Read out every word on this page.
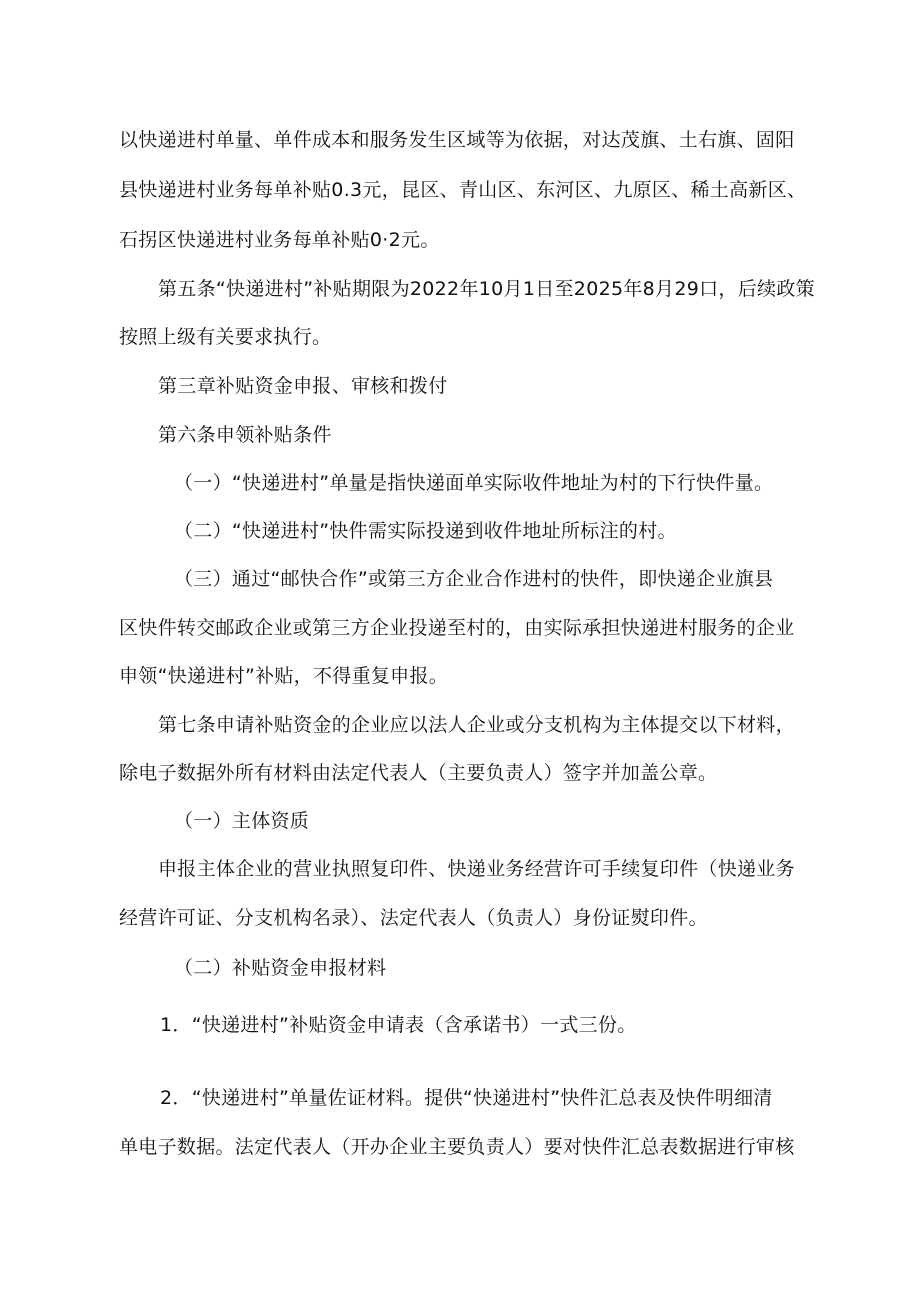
以快递进村单量、单件成本和服务发生区域等为依据，对达茂旗、土右旗、固阳
县快递进村业务每单补贴0.3元，昆区、青山区、东河区、九原区、稀土高新区、
石拐区快递进村业务每单补贴0·2元。
第五条“快递进村”补贴期限为2022年10月1日至2025年8月29口，后续政策
按照上级有关要求执行。
第三章补贴资金申报、审核和拨付
第六条申领补贴条件
（一）“快递进村”单量是指快递面单实际收件地址为村的下行快件量。
（二）“快递进村”快件需实际投递到收件地址所标注的村。
（三）通过“邮快合作”或第三方企业合作进村的快件，即快递企业旗县
区快件转交邮政企业或第三方企业投递至村的，由实际承担快递进村服务的企业
申领“快递进村”补贴，不得重复申报。
第七条申请补贴资金的企业应以法人企业或分支机构为主体提交以下材料，
除电子数据外所有材料由法定代表人（主要负责人）签字并加盖公章。
（一）主体资质
申报主体企业的营业执照复印件、快递业务经营许可手续复印件（快递业务
经营许可证、分支机构名录）、法定代表人（负责人）身份证熨印件。
（二）补贴资金申报材料
1．“快递进村”补贴资金申请表（含承诺书）一式三份。
2．“快递进村”单量佐证材料。提供“快递进村”快件汇总表及快件明细清
单电子数据。法定代表人（开办企业主要负责人）要对快件汇总表数据进行审核
